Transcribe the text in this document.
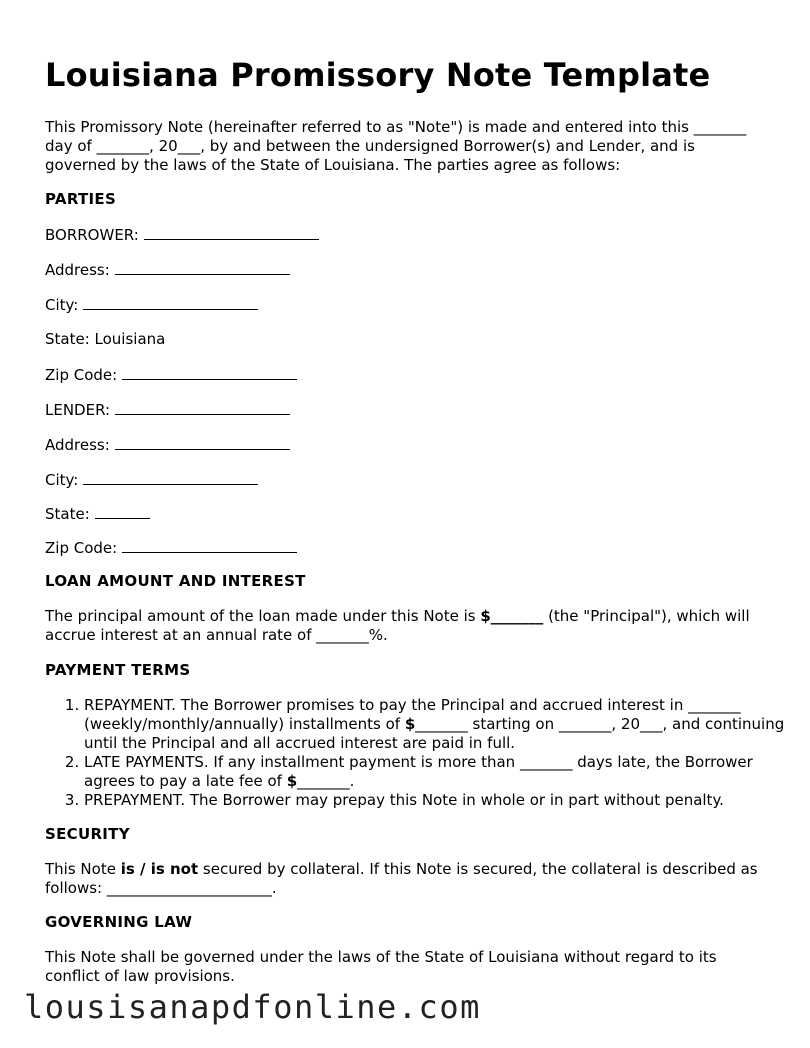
Louisiana Promissory Note Template

This Promissory Note (hereinafter referred to as "Note") is made and entered into this _______ day of _______, 20___, by and between the undersigned Borrower(s) and Lender, and is governed by the laws of the State of Louisiana. The parties agree as follows:

PARTIES

BORROWER:

Address:

City:

State: Louisiana

Zip Code:

LENDER:

Address:

City:

State:

Zip Code:

LOAN AMOUNT AND INTEREST

The principal amount of the loan made under this Note is $_______ (the "Principal"), which will accrue interest at an annual rate of _______%.

PAYMENT TERMS

1. REPAYMENT. The Borrower promises to pay the Principal and accrued interest in _______ (weekly/monthly/annually) installments of $_______ starting on _______, 20___, and continuing until the Principal and all accrued interest are paid in full.
2. LATE PAYMENTS. If any installment payment is more than _______ days late, the Borrower agrees to pay a late fee of $_______.
3. PREPAYMENT. The Borrower may prepay this Note in whole or in part without penalty.

SECURITY

This Note is / is not secured by collateral. If this Note is secured, the collateral is described as follows: ______________________.

GOVERNING LAW

This Note shall be governed under the laws of the State of Louisiana without regard to its conflict of law provisions.

lousisanapdfonline.com
